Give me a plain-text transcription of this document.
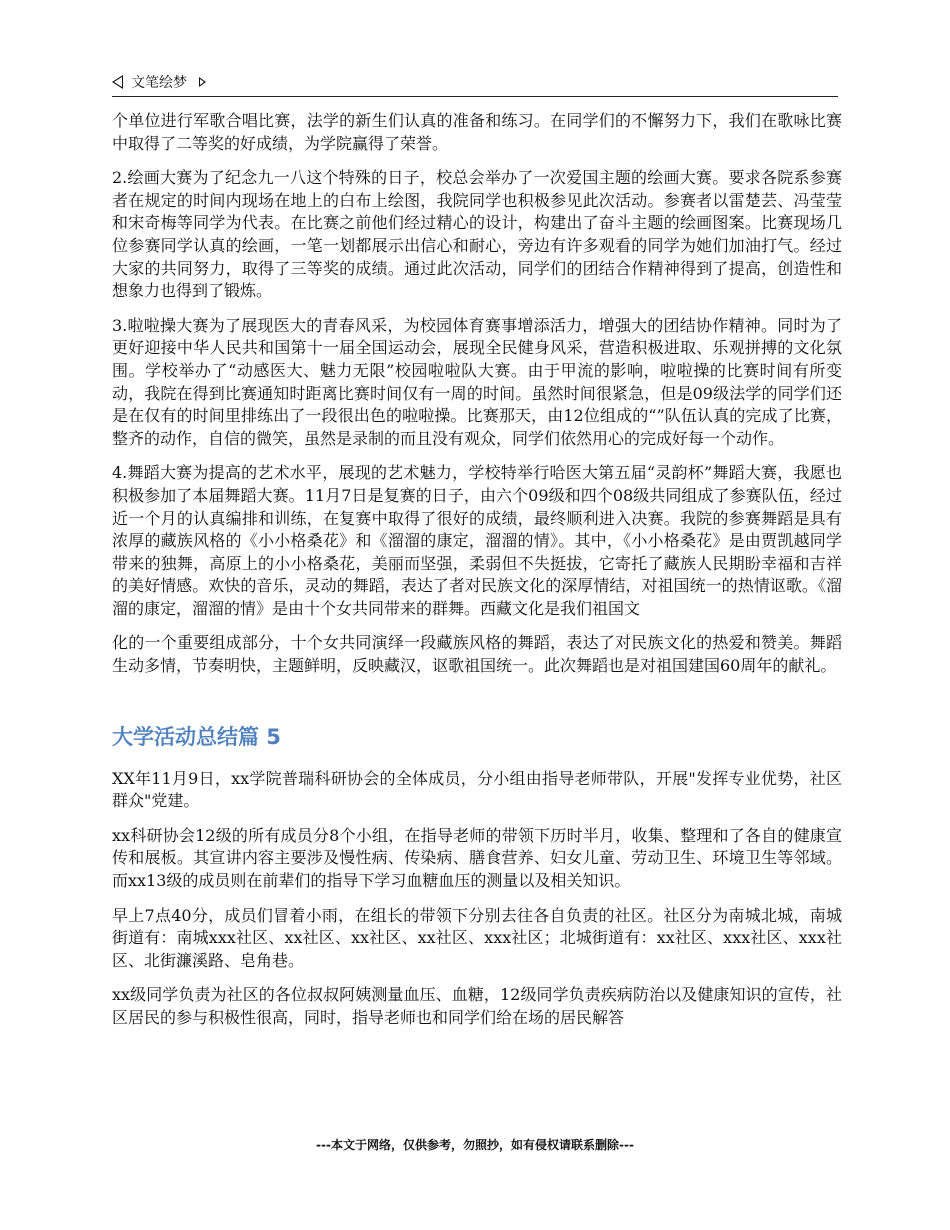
文笔绘梦

个单位进行军歌合唱比赛，法学的新生们认真的准备和练习。在同学们的不懈努力下，我们在歌咏比赛中取得了二等奖的好成绩，为学院赢得了荣誉。

2.绘画大赛为了纪念九一八这个特殊的日子，校总会举办了一次爱国主题的绘画大赛。要求各院系参赛者在规定的时间内现场在地上的白布上绘图，我院同学也积极参见此次活动。参赛者以雷楚芸、冯莹莹和宋奇梅等同学为代表。在比赛之前他们经过精心的设计，构建出了奋斗主题的绘画图案。比赛现场几位参赛同学认真的绘画，一笔一划都展示出信心和耐心，旁边有许多观看的同学为她们加油打气。经过大家的共同努力，取得了三等奖的成绩。通过此次活动，同学们的团结合作精神得到了提高，创造性和想象力也得到了锻炼。

3.啦啦操大赛为了展现医大的青春风采，为校园体育赛事增添活力，增强大的团结协作精神。同时为了更好迎接中华人民共和国第十一届全国运动会，展现全民健身风采，营造积极进取、乐观拼搏的文化氛围。学校举办了“动感医大、魅力无限”校园啦啦队大赛。由于甲流的影响，啦啦操的比赛时间有所变动，我院在得到比赛通知时距离比赛时间仅有一周的时间。虽然时间很紧急，但是09级法学的同学们还是在仅有的时间里排练出了一段很出色的啦啦操。比赛那天，由12位组成的“”队伍认真的完成了比赛，整齐的动作，自信的微笑，虽然是录制的而且没有观众，同学们依然用心的完成好每一个动作。

4.舞蹈大赛为提高的艺术水平，展现的艺术魅力，学校特举行哈医大第五届“灵韵杯”舞蹈大赛，我愿也积极参加了本届舞蹈大赛。11月7日是复赛的日子，由六个09级和四个08级共同组成了参赛队伍，经过近一个月的认真编排和训练，在复赛中取得了很好的成绩，最终顺利进入决赛。我院的参赛舞蹈是具有浓厚的藏族风格的《小小格桑花》和《溜溜的康定，溜溜的情》。其中，《小小格桑花》是由贾凯越同学带来的独舞，高原上的小小格桑花，美丽而坚强，柔弱但不失挺拔，它寄托了藏族人民期盼幸福和吉祥的美好情感。欢快的音乐，灵动的舞蹈，表达了者对民族文化的深厚情结，对祖国统一的热情讴歌。《溜溜的康定，溜溜的情》是由十个女共同带来的群舞。西藏文化是我们祖国文

化的一个重要组成部分，十个女共同演绎一段藏族风格的舞蹈，表达了对民族文化的热爱和赞美。舞蹈生动多情，节奏明快，主题鲜明，反映藏汉，讴歌祖国统一。此次舞蹈也是对祖国建国60周年的献礼。

大学活动总结篇 5

XX年11月9日，xx学院普瑞科研协会的全体成员，分小组由指导老师带队，开展"发挥专业优势，社区群众"党建。

xx科研协会12级的所有成员分8个小组，在指导老师的带领下历时半月，收集、整理和了各自的健康宣传和展板。其宣讲内容主要涉及慢性病、传染病、膳食营养、妇女儿童、劳动卫生、环境卫生等邻域。而xx13级的成员则在前辈们的指导下学习血糖血压的测量以及相关知识。

早上7点40分，成员们冒着小雨，在组长的带领下分别去往各自负责的社区。社区分为南城北城，南城街道有：南城xxx社区、xx社区、xx社区、xx社区、xxx社区；北城街道有：xx社区、xxx社区、xxx社区、北街濂溪路、皂角巷。

xx级同学负责为社区的各位叔叔阿姨测量血压、血糖，12级同学负责疾病防治以及健康知识的宣传，社区居民的参与积极性很高，同时，指导老师也和同学们给在场的居民解答

---本文于网络，仅供参考，勿照抄，如有侵权请联系删除---
